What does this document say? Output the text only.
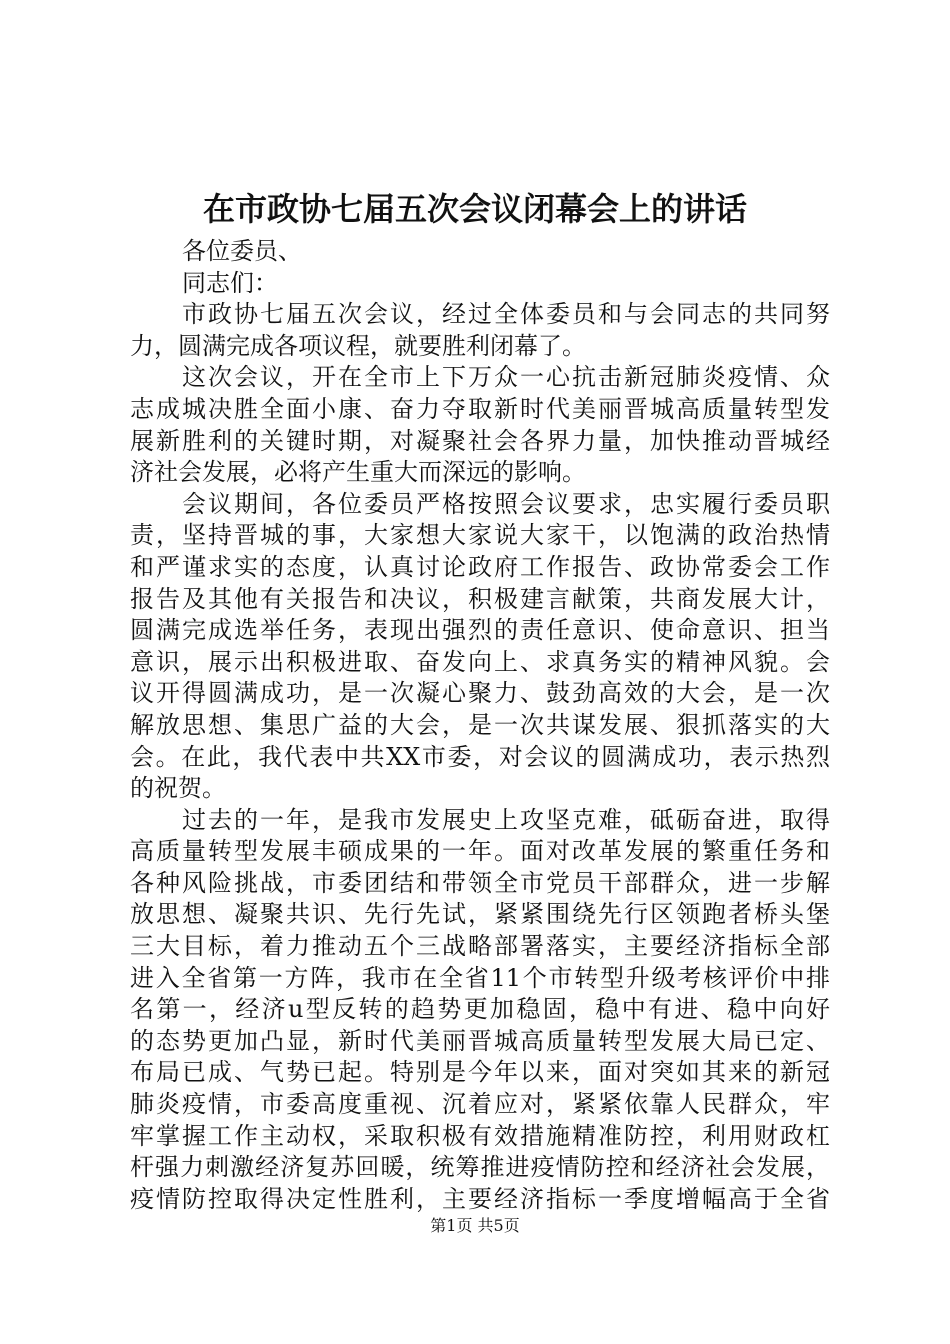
在市政协七届五次会议闭幕会上的讲话

各位委员、

同志们：

市政协七届五次会议，经过全体委员和与会同志的共同努

力，圆满完成各项议程，就要胜利闭幕了。

这次会议，开在全市上下万众一心抗击新冠肺炎疫情、众

志成城决胜全面小康、奋力夺取新时代美丽晋城高质量转型发

展新胜利的关键时期，对凝聚社会各界力量，加快推动晋城经

济社会发展，必将产生重大而深远的影响。

会议期间，各位委员严格按照会议要求，忠实履行委员职

责，坚持晋城的事，大家想大家说大家干，以饱满的政治热情

和严谨求实的态度，认真讨论政府工作报告、政协常委会工作

报告及其他有关报告和决议，积极建言献策，共商发展大计，

圆满完成选举任务，表现出强烈的责任意识、使命意识、担当

意识，展示出积极进取、奋发向上、求真务实的精神风貌。会

议开得圆满成功，是一次凝心聚力、鼓劲高效的大会，是一次

解放思想、集思广益的大会，是一次共谋发展、狠抓落实的大

会。在此，我代表中共XX市委，对会议的圆满成功，表示热烈

的祝贺。

过去的一年，是我市发展史上攻坚克难，砥砺奋进，取得

高质量转型发展丰硕成果的一年。面对改革发展的繁重任务和

各种风险挑战，市委团结和带领全市党员干部群众，进一步解

放思想、凝聚共识、先行先试，紧紧围绕先行区领跑者桥头堡

三大目标，着力推动五个三战略部署落实，主要经济指标全部

进入全省第一方阵，我市在全省11个市转型升级考核评价中排

名第一，经济u型反转的趋势更加稳固，稳中有进、稳中向好

的态势更加凸显，新时代美丽晋城高质量转型发展大局已定、

布局已成、气势已起。特别是今年以来，面对突如其来的新冠

肺炎疫情，市委高度重视、沉着应对，紧紧依靠人民群众，牢

牢掌握工作主动权，采取积极有效措施精准防控，利用财政杠

杆强力刺激经济复苏回暖，统筹推进疫情防控和经济社会发展，

疫情防控取得决定性胜利，主要经济指标一季度增幅高于全省

第1页 共5页
